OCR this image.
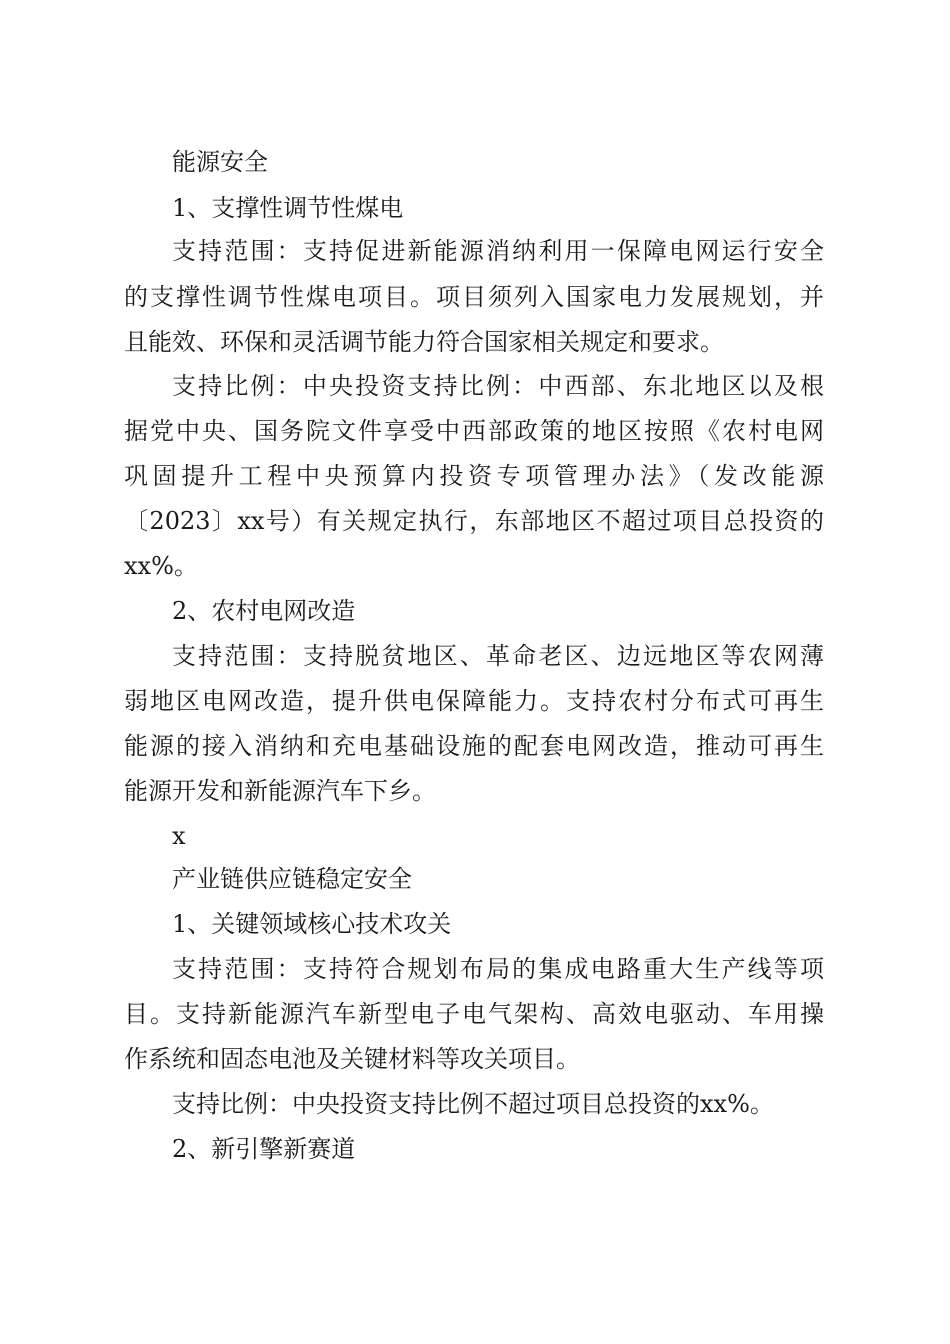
能源安全
1、支撑性调节性煤电
支持范围：支持促进新能源消纳利用一保障电网运行安全
的支撑性调节性煤电项目。项目须列入国家电力发展规划，并
且能效、环保和灵活调节能力符合国家相关规定和要求。
支持比例：中央投资支持比例：中西部、东北地区以及根
据党中央、国务院文件享受中西部政策的地区按照《农村电网
巩固提升工程中央预算内投资专项管理办法》（发改能源
〔2023〕xx号）有关规定执行，东部地区不超过项目总投资的
xx%。
2、农村电网改造
支持范围：支持脱贫地区、革命老区、边远地区等农网薄
弱地区电网改造，提升供电保障能力。支持农村分布式可再生
能源的接入消纳和充电基础设施的配套电网改造，推动可再生
能源开发和新能源汽车下乡。
x
产业链供应链稳定安全
1、关键领域核心技术攻关
支持范围：支持符合规划布局的集成电路重大生产线等项
目。支持新能源汽车新型电子电气架构、高效电驱动、车用操
作系统和固态电池及关键材料等攻关项目。
支持比例：中央投资支持比例不超过项目总投资的xx%。
2、新引擎新赛道
